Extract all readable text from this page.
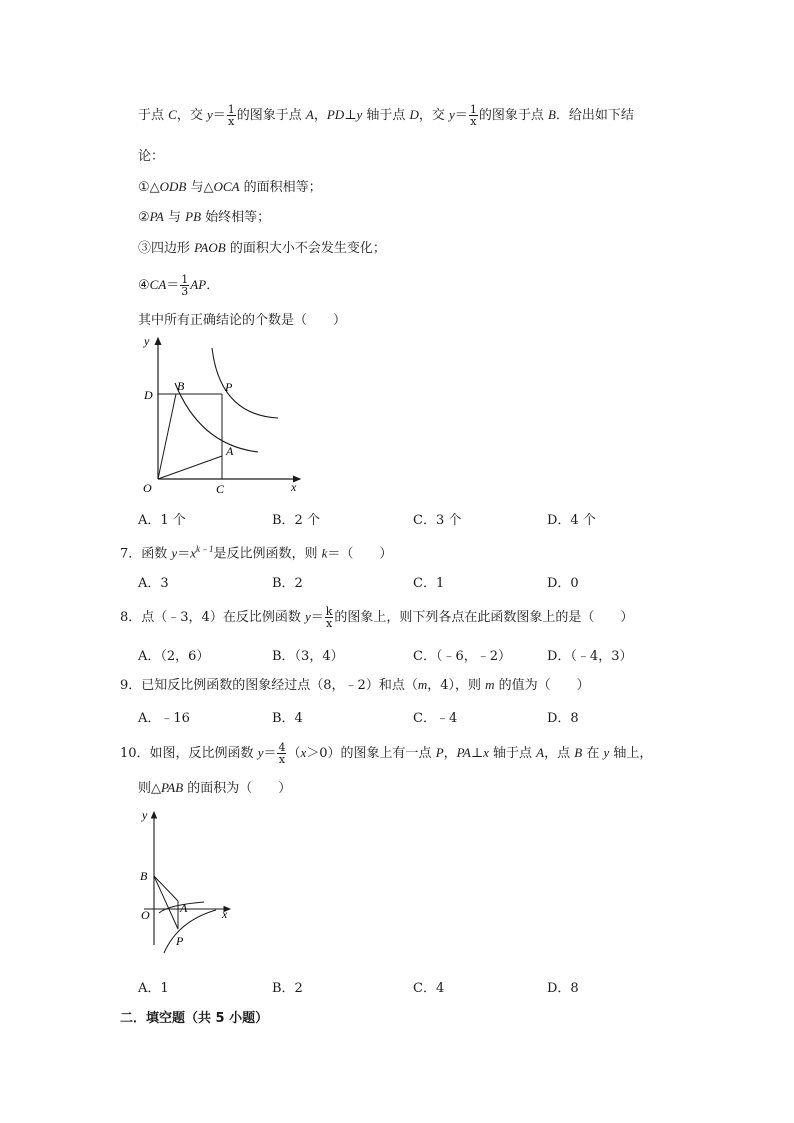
于点 C，交 $y= \frac{1}{x}$ 的图象于点 A，PD⊥y 轴于点 D，交 $y= \frac{1}{x}$ 的图象于点 B．给出如下结
论：
①△ODB 与△OCA 的面积相等；
②PA 与 PB 始终相等；
③四边形 PAOB 的面积大小不会发生变化；
④CA＝ $\frac{1}{3}$ AP．
其中所有正确结论的个数是（　　）
y
x
O
D
B	P
A
C
A．1 个	B．2 个	C．3 个	D．4 个
7．函数 $y=x^{k﹣1}$是反比例函数，则 k＝（　　）
A．3	B．2	C．1	D．0
8．点（﹣3，4）在反比例函数 $y= \frac{k}{x}$ 的图象上，则下列各点在此函数图象上的是（　　）
A．（2，6）	B．（3，4）	C．（﹣6，﹣2）	D．（﹣4，3）
9．已知反比例函数的图象经过点（8，﹣2）和点（m，4），则 m 的值为（　　）
A．﹣16	B．4	C．﹣4	D．8
10．如图，反比例函数 $y= \frac{4}{x} (x>0)$的图象上有一点 P，PA⊥x 轴于点 A，点 B 在 y 轴上，
则△PAB 的面积为（　　）
y
x
O
B
A
P
A．1	B．2	C．4	D．8
二．填空题（共 5 小题）
